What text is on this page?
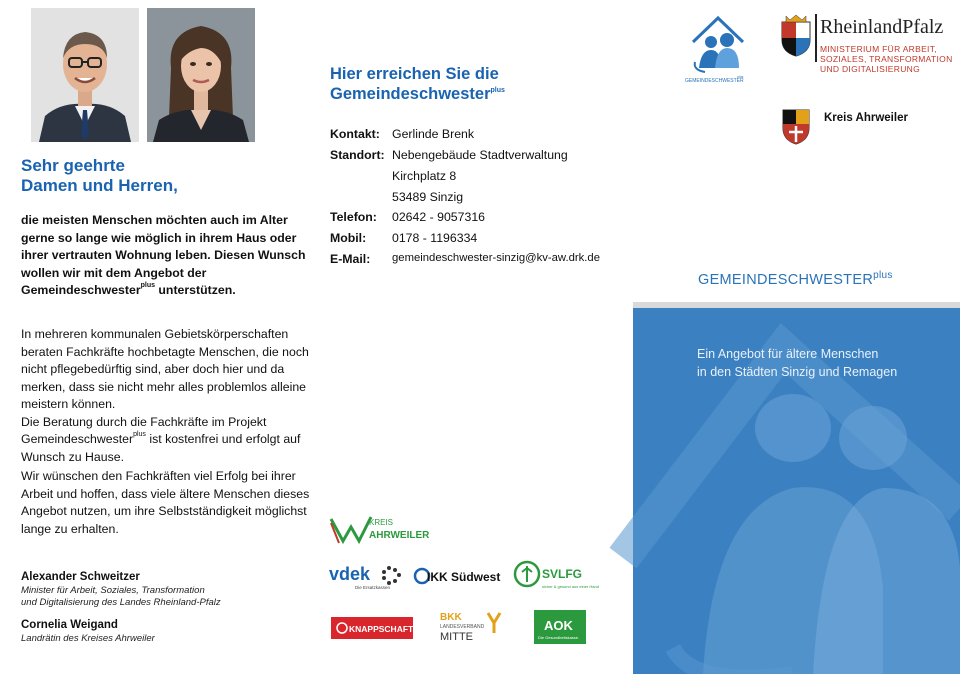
Sehr geehrte
Damen und Herren,
die meisten Menschen möchten auch im Alter gerne so lange wie möglich in ihrem Haus oder ihrer vertrauten Wohnung leben. Diesen Wunsch wollen wir mit dem Angebot der Gemeindeschwester$^{plus}$ unterstützen.
In mehreren kommunalen Gebietskörperschaften beraten Fachkräfte hochbetagte Menschen, die noch nicht pflegebedürftig sind, aber doch hier und da merken, dass sie nicht mehr alles problemlos alleine meistern können.
Die Beratung durch die Fachkräfte im Projekt Gemeindeschwester$^{plus}$ ist kostenfrei und erfolgt auf Wunsch zu Hause.
Wir wünschen den Fachkräften viel Erfolg bei ihrer Arbeit und hoffen, dass viele ältere Menschen dieses Angebot nutzen, um ihre Selbstständigkeit möglichst lange zu erhalten.
Alexander Schweitzer
Minister für Arbeit, Soziales, Transformation
und Digitalisierung des Landes Rheinland-Pfalz
Cornelia Weigand
Landrätin des Kreises Ahrweiler
Hier erreichen Sie die
Gemeindeschwester$^{plus}$
Kontakt: Gerlinde Brenk
Standort: Nebengebäude Stadtverwaltung
Kirchplatz 8
53489 Sinzig
Telefon:	02642 - 9057316
Mobil:	0178 - 1196334
E-Mail:	gemeindeschwester-sinzig@kv-aw.drk.de
KREIS
AHRWEILER
vdek
Die Ersatzkassen
IKK Südwest	SVLFG
sicher & gesund aus einer Hand
KNAPPSCHAFT
BKK
LANDESVERBAND
MITTE
AOK
Die Gesundheitskasse.
GEMEINDESCHWESTER
plus
RheinlandPfalz
MINISTERIUM FÜR ARBEIT,
SOZIALES, TRANSFORMATION
UND DIGITALISIERUNG
Kreis Ahrweiler
$GEMEINDESCHWESTER^{plus}$
Ein Angebot für ältere Menschen
in den Städten Sinzig und Remagen
